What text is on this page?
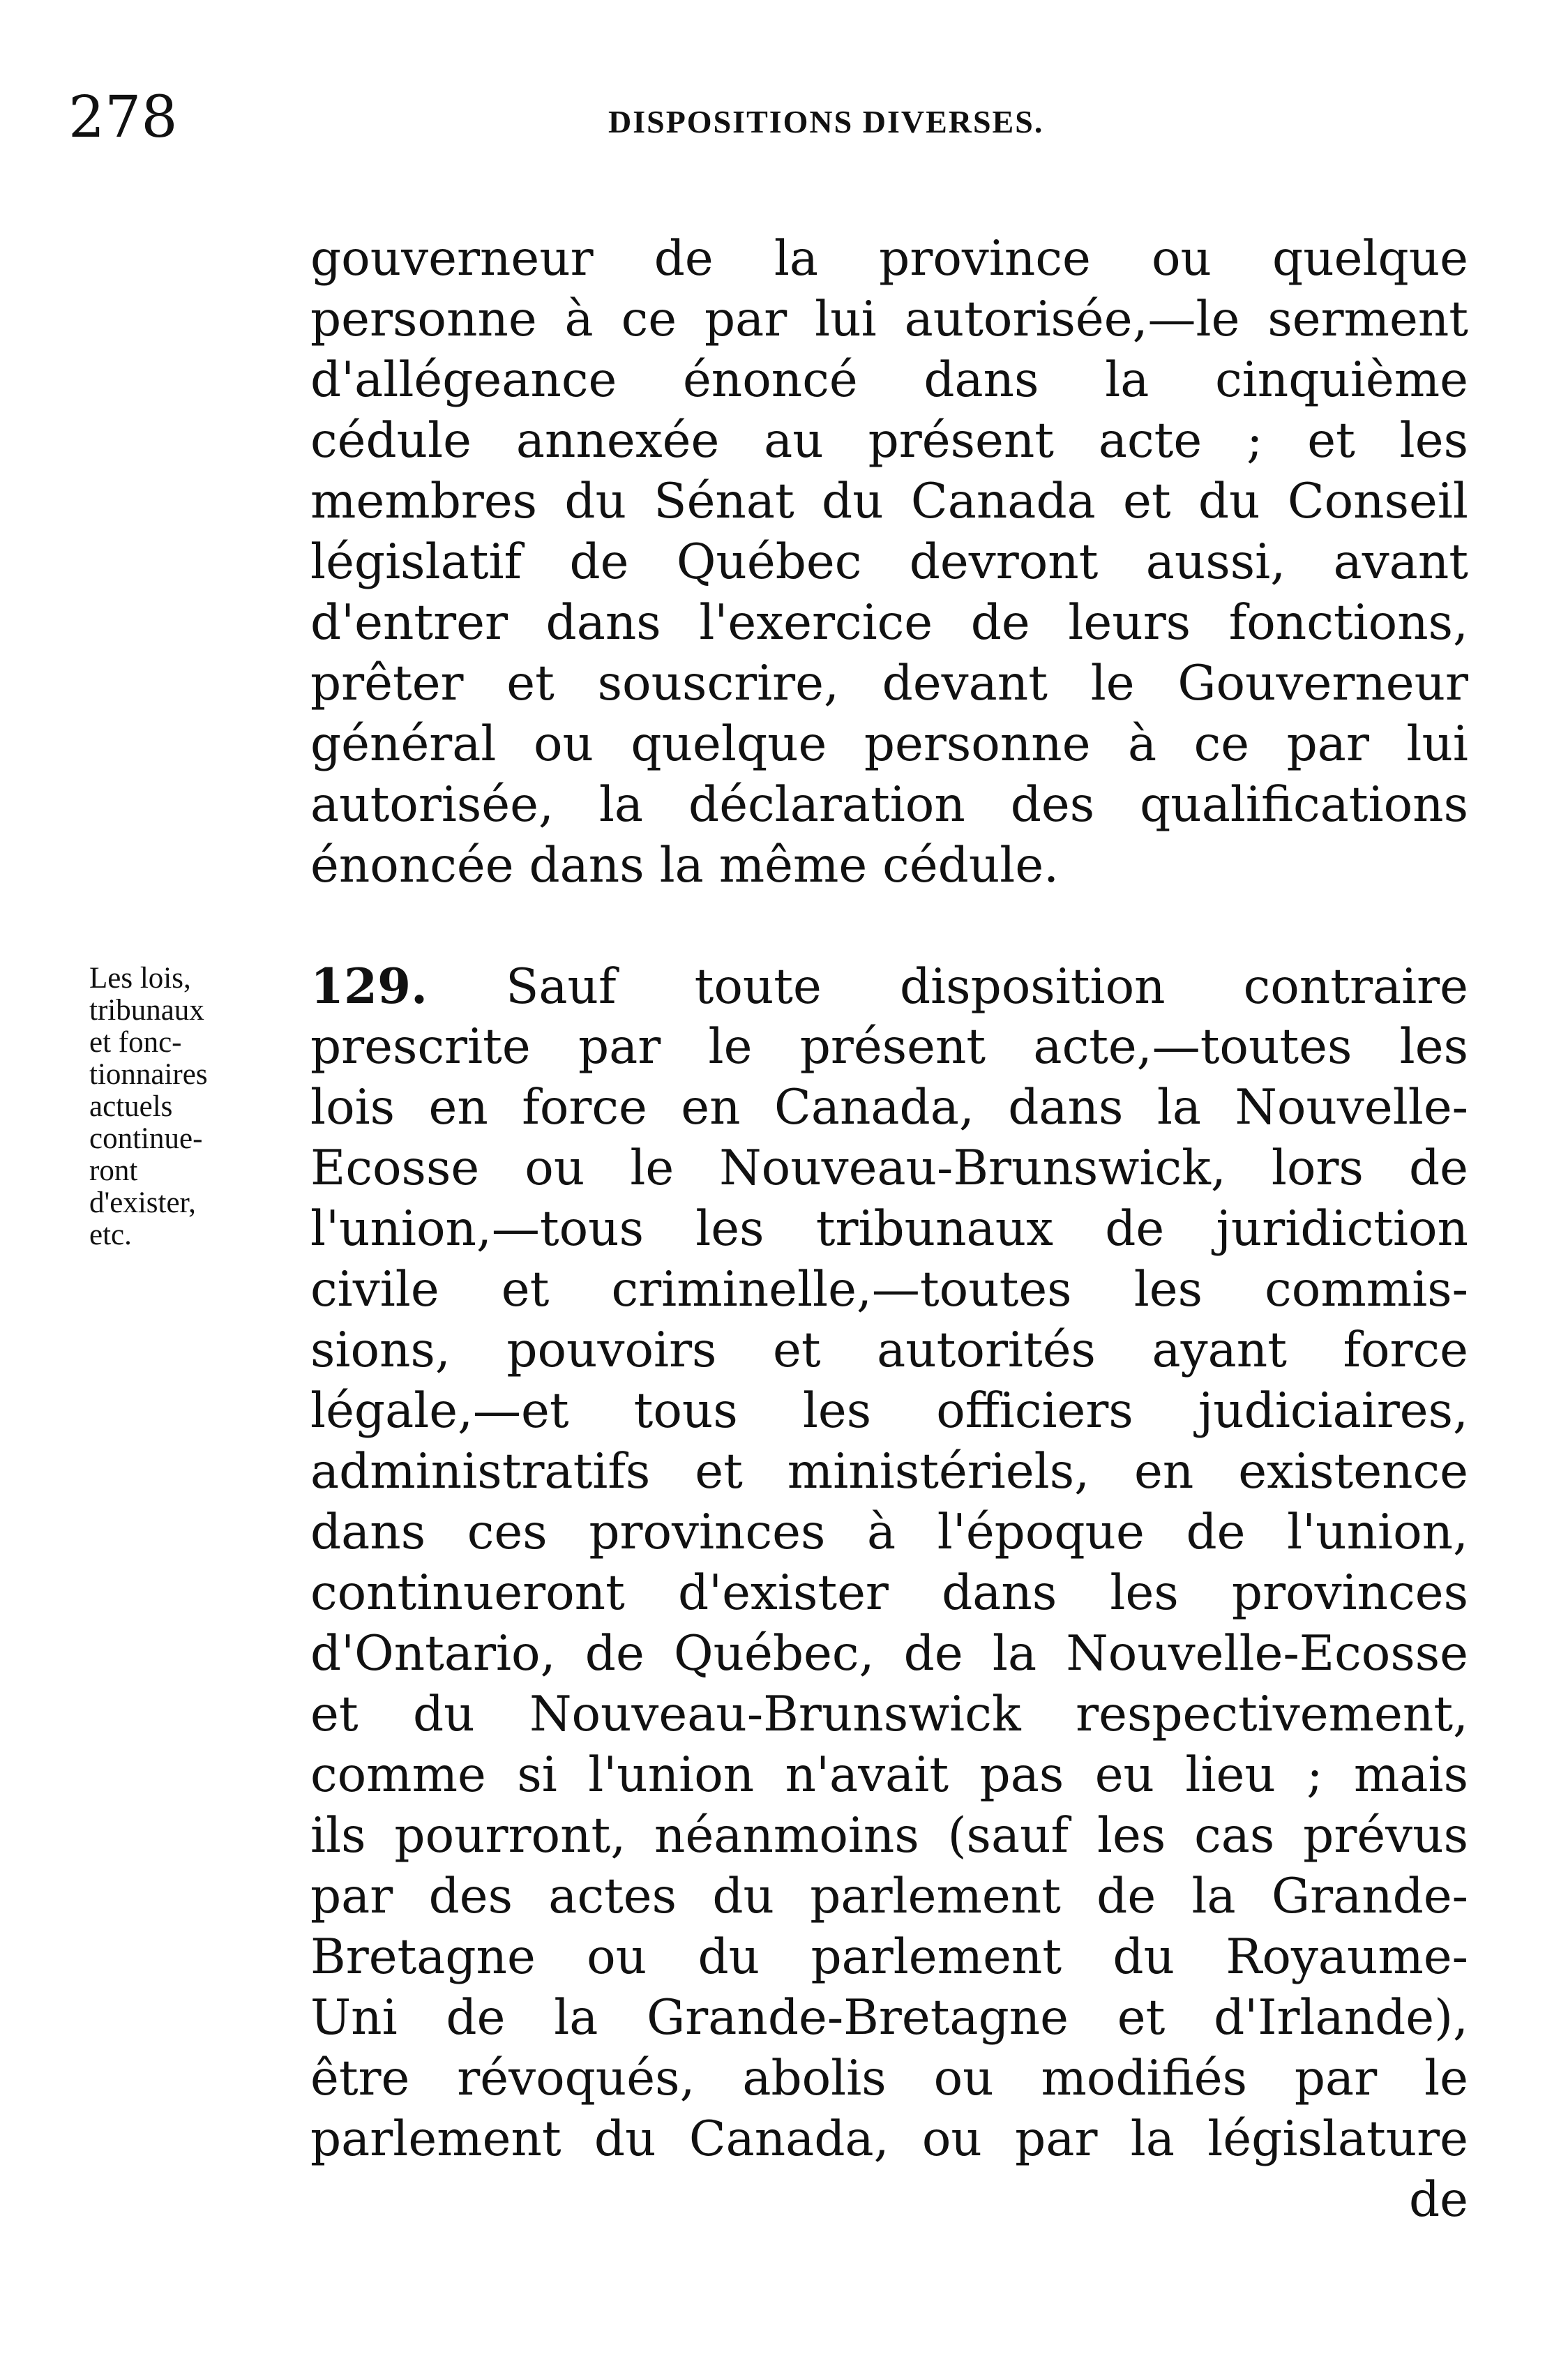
278	DISPOSITIONS DIVERSES.
Les lois,
tribunaux
et fonc-
tionnaires
actuels
continue-
ront
d'exister,
etc.
gouverneur de la province ou quelque
personne à ce par lui autorisée,—le serment
d'allégeance énoncé dans la cinquième
cédule annexée au présent acte ; et les
membres du Sénat du Canada et du Conseil
législatif de Québec devront aussi, avant
d'entrer dans l'exercice de leurs fonctions,
prêter et souscrire, devant le Gouverneur
général ou quelque personne à ce par lui
autorisée, la déclaration des qualifications
énoncée dans la même cédule.
129. Sauf toute disposition contraire
prescrite par le présent acte,—toutes les
lois en force en Canada, dans la Nouvelle-
Ecosse ou le Nouveau-Brunswick, lors de
l'union,—tous les tribunaux de juridiction
civile et criminelle,—toutes les commis-
sions, pouvoirs et autorités ayant force
légale,—et tous les officiers judiciaires,
administratifs et ministériels, en existence
dans ces provinces à l'époque de l'union,
continueront d'exister dans les provinces
d'Ontario, de Québec, de la Nouvelle-Ecosse
et du Nouveau-Brunswick respectivement,
comme si l'union n'avait pas eu lieu ; mais
ils pourront, néanmoins (sauf les cas prévus
par des actes du parlement de la Grande-
Bretagne ou du parlement du Royaume-
Uni de la Grande-Bretagne et d'Irlande),
être révoqués, abolis ou modifiés par le
parlement du Canada, ou par la législature
de
